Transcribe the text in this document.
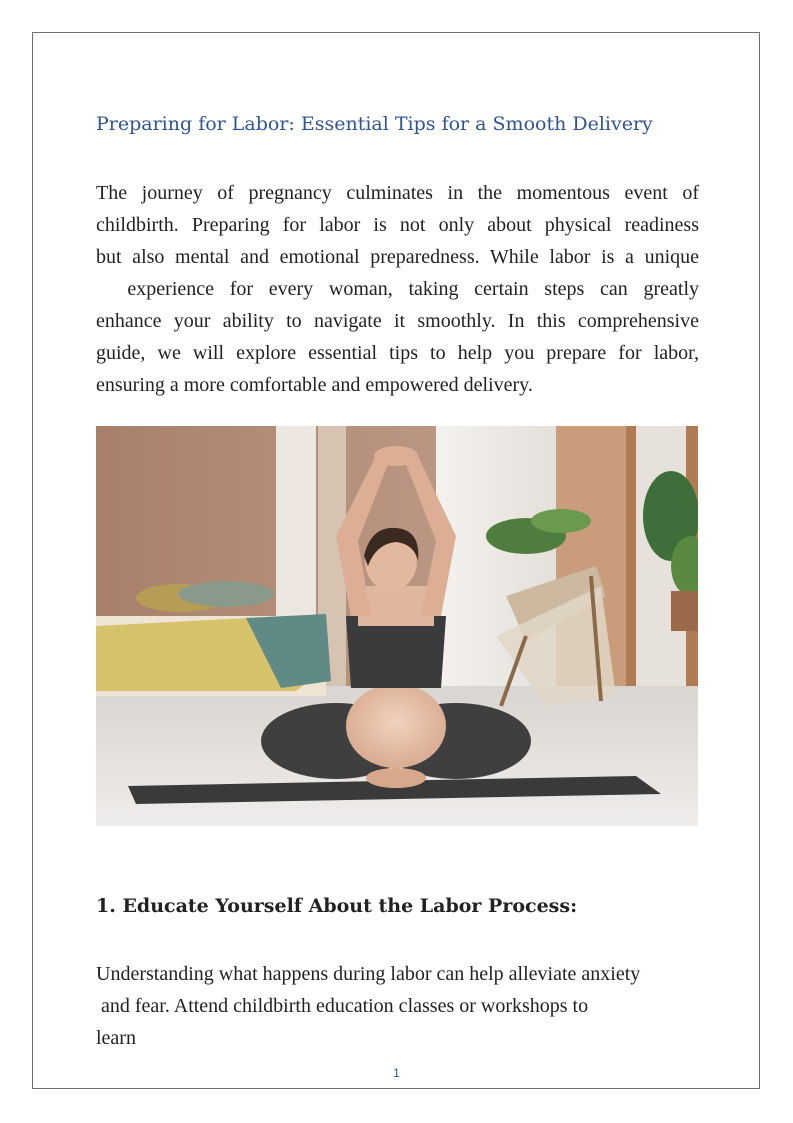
Preparing for Labor: Essential Tips for a Smooth Delivery
The journey of pregnancy culminates in the momentous event of
childbirth. Preparing for labor is not only about physical readiness
but also mental and emotional preparedness. While labor is a unique
experience for every woman, taking certain steps can greatly
enhance your ability to navigate it smoothly. In this comprehensive
guide, we will explore essential tips to help you prepare for labor,
ensuring a more comfortable and empowered delivery.
1. Educate Yourself About the Labor Process:
Understanding what happens during labor can help alleviate anxiety
and fear. Attend childbirth education classes or workshops to
learn
1
